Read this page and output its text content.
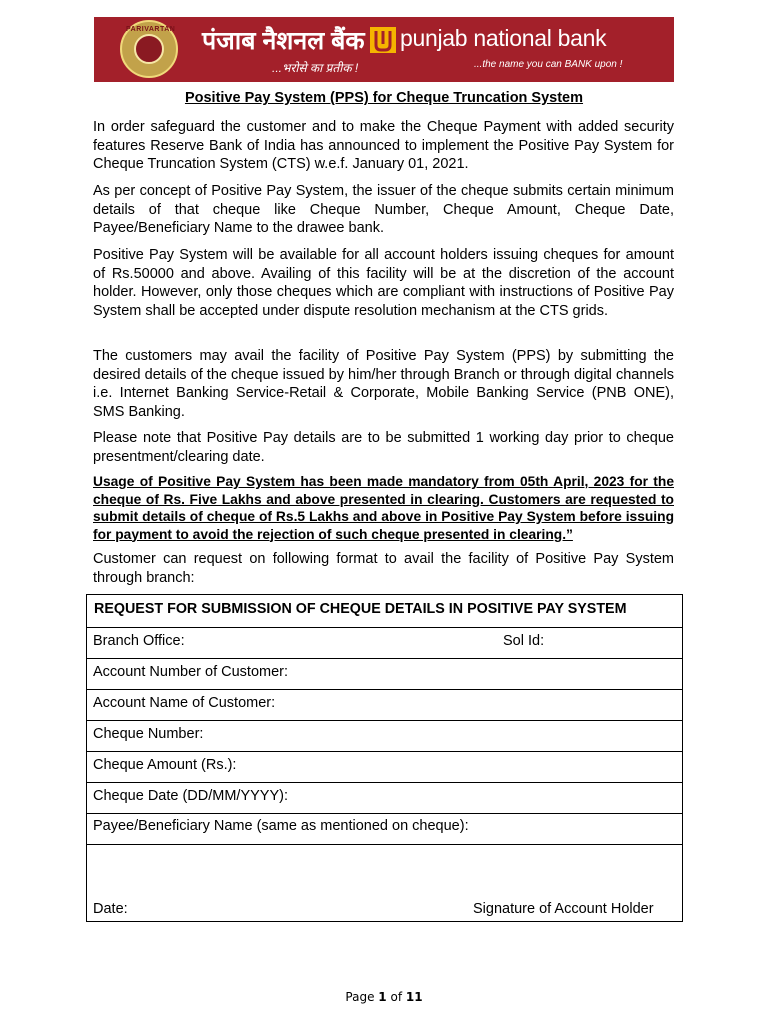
PARIVARTAN पंजाब नैशनल बैंक
...भरोसे का प्रतीक !
punjab national bank
...the name you can BANK upon !
Positive Pay System (PPS) for Cheque Truncation System

In order safeguard the customer and to make the Cheque Payment with added security features Reserve Bank of India has announced to implement the Positive Pay System for Cheque Truncation System (CTS) w.e.f. January 01, 2021.

As per concept of Positive Pay System, the issuer of the cheque submits certain minimum details of that cheque like Cheque Number, Cheque Amount, Cheque Date, Payee/Beneficiary Name to the drawee bank.

Positive Pay System will be available for all account holders issuing cheques for amount of Rs.50000 and above. Availing of this facility will be at the discretion of the account holder. However, only those cheques which are compliant with instructions of Positive Pay System shall be accepted under dispute resolution mechanism at the CTS grids.

The customers may avail the facility of Positive Pay System (PPS) by submitting the desired details of the cheque issued by him/her through Branch or through digital channels i.e. Internet Banking Service-Retail & Corporate, Mobile Banking Service (PNB ONE), SMS Banking.

Please note that Positive Pay details are to be submitted 1 working day prior to cheque presentment/clearing date.

Usage of Positive Pay System has been made mandatory from 05th April, 2023 for the cheque of Rs. Five Lakhs and above presented in clearing. Customers are requested to submit details of cheque of Rs.5 Lakhs and above in Positive Pay System before issuing for payment to avoid the rejection of such cheque presented in clearing.”

Customer can request on following format to avail the facility of Positive Pay System through branch:

REQUEST FOR SUBMISSION OF CHEQUE DETAILS IN POSITIVE PAY SYSTEM
Branch Office:	Sol Id:
Account Number of Customer:
Account Name of Customer:
Cheque Number:
Cheque Amount (Rs.):
Cheque Date (DD/MM/YYYY):
Payee/Beneficiary Name (same as mentioned on cheque):
Date:	Signature of Account Holder
Page 1 of 11
